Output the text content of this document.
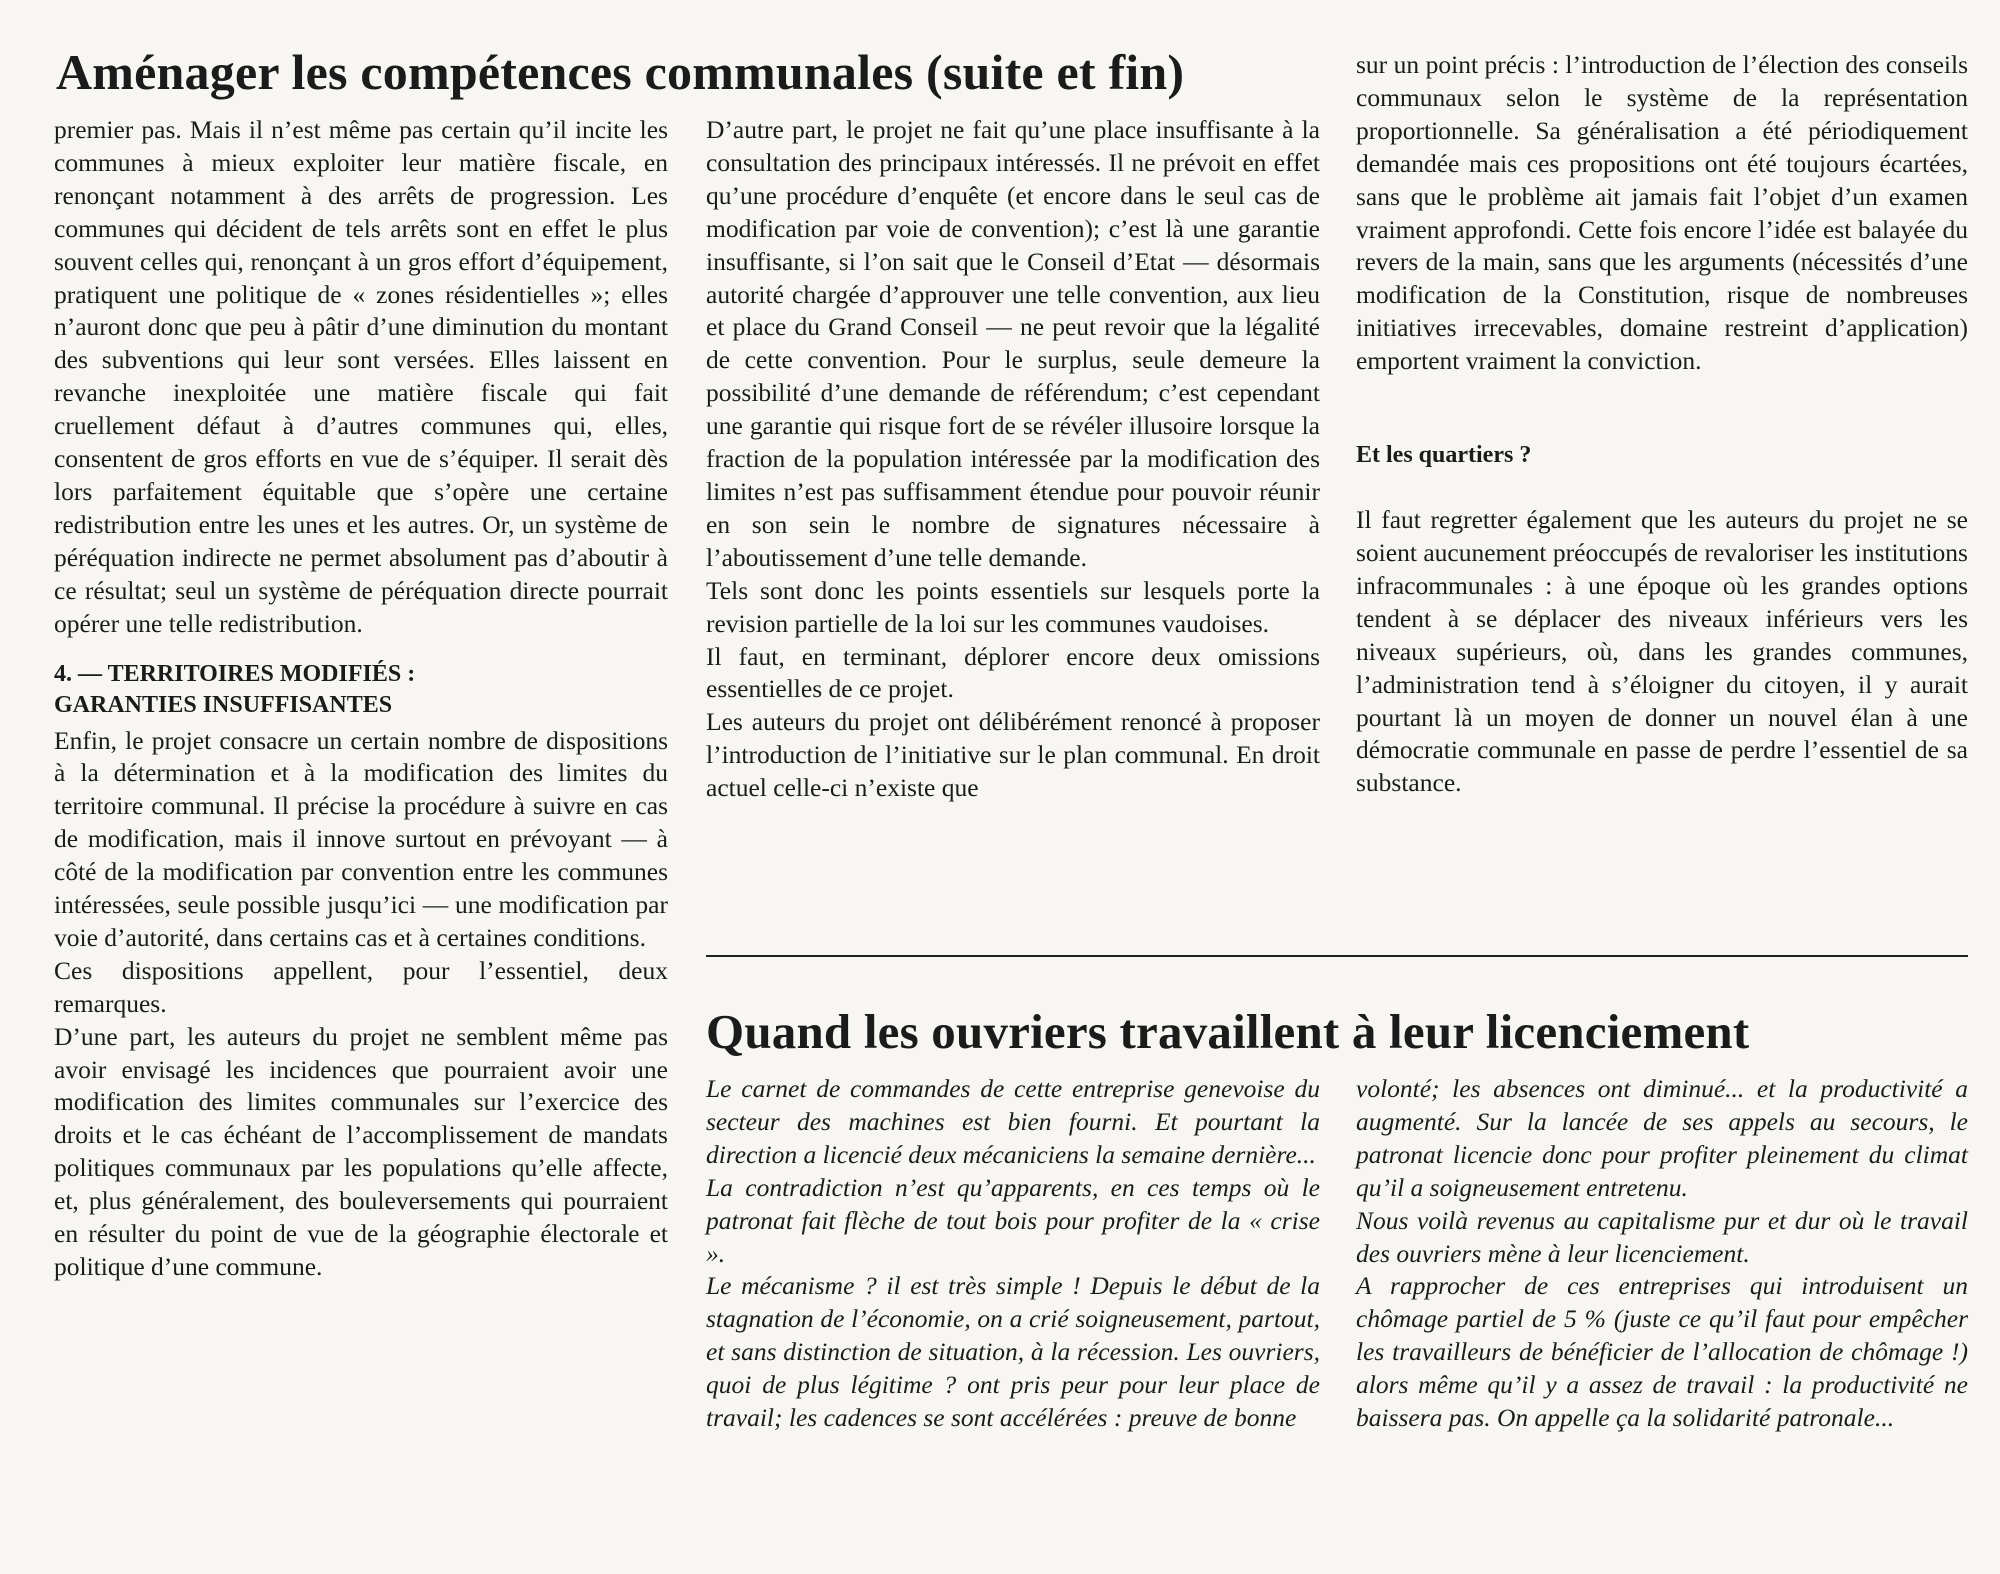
Aménager les compétences communales (suite et fin)

premier pas. Mais il n’est même pas certain qu’il incite les communes à mieux exploiter leur matière fiscale, en renonçant notamment à des arrêts de progression. Les communes qui décident de tels arrêts sont en effet le plus souvent celles qui, renonçant à un gros effort d’équipement, pratiquent une politique de « zones résidentielles »; elles n’auront donc que peu à pâtir d’une diminution du montant des subventions qui leur sont versées. Elles laissent en revanche inexploitée une matière fiscale qui fait cruellement défaut à d’autres communes qui, elles, consentent de gros efforts en vue de s’équiper. Il serait dès lors parfaitement équitable que s’opère une certaine redistribution entre les unes et les autres. Or, un système de péréquation indirecte ne permet absolument pas d’aboutir à ce résultat; seul un système de péréquation directe pourrait opérer une telle redistribution.

4. — TERRITOIRES MODIFIÉS :

GARANTIES INSUFFISANTES

Enfin, le projet consacre un certain nombre de dispositions à la détermination et à la modification des limites du territoire communal. Il précise la procédure à suivre en cas de modification, mais il innove surtout en prévoyant — à côté de la modification par convention entre les communes intéressées, seule possible jusqu’ici — une modification par voie d’autorité, dans certains cas et à certaines conditions.

Ces dispositions appellent, pour l’essentiel, deux remarques.

D’une part, les auteurs du projet ne semblent même pas avoir envisagé les incidences que pourraient avoir une modification des limites communales sur l’exercice des droits et le cas échéant de l’accomplissement de mandats politiques communaux par les populations qu’elle affecte, et, plus généralement, des bouleversements qui pourraient en résulter du point de vue de la géographie électorale et politique d’une commune.

D’autre part, le projet ne fait qu’une place insuffisante à la consultation des principaux intéressés. Il ne prévoit en effet qu’une procédure d’enquête (et encore dans le seul cas de modification par voie de convention); c’est là une garantie insuffisante, si l’on sait que le Conseil d’Etat — désormais autorité chargée d’approuver une telle convention, aux lieu et place du Grand Conseil — ne peut revoir que la légalité de cette convention. Pour le surplus, seule demeure la possibilité d’une demande de référendum; c’est cependant une garantie qui risque fort de se révéler illusoire lorsque la fraction de la population intéressée par la modification des limites n’est pas suffisamment étendue pour pouvoir réunir en son sein le nombre de signatures nécessaire à l’aboutissement d’une telle demande.

Tels sont donc les points essentiels sur lesquels porte la revision partielle de la loi sur les communes vaudoises.

Il faut, en terminant, déplorer encore deux omissions essentielles de ce projet.

Les auteurs du projet ont délibérément renoncé à proposer l’introduction de l’initiative sur le plan communal. En droit actuel celle-ci n’existe que

sur un point précis : l’introduction de l’élection des conseils communaux selon le système de la représentation proportionnelle. Sa généralisation a été périodiquement demandée mais ces propositions ont été toujours écartées, sans que le problème ait jamais fait l’objet d’un examen vraiment approfondi. Cette fois encore l’idée est balayée du revers de la main, sans que les arguments (nécessités d’une modification de la Constitution, risque de nombreuses initiatives irrecevables, domaine restreint d’application) emportent vraiment la conviction.

Et les quartiers ?

Il faut regretter également que les auteurs du projet ne se soient aucunement préoccupés de revaloriser les institutions infracommunales : à une époque où les grandes options tendent à se déplacer des niveaux inférieurs vers les niveaux supérieurs, où, dans les grandes communes, l’administration tend à s’éloigner du citoyen, il y aurait pourtant là un moyen de donner un nouvel élan à une démocratie communale en passe de perdre l’essentiel de sa substance.

Quand les ouvriers travaillent à leur licenciement

Le carnet de commandes de cette entreprise genevoise du secteur des machines est bien fourni. Et pourtant la direction a licencié deux mécaniciens la semaine dernière...

La contradiction n’est qu’apparents, en ces temps où le patronat fait flèche de tout bois pour profiter de la « crise ».

Le mécanisme ? il est très simple ! Depuis le début de la stagnation de l’économie, on a crié soigneusement, partout, et sans distinction de situation, à la récession. Les ouvriers, quoi de plus légitime ? ont pris peur pour leur place de travail; les cadences se sont accélérées : preuve de bonne

volonté; les absences ont diminué... et la productivité a augmenté. Sur la lancée de ses appels au secours, le patronat licencie donc pour profiter pleinement du climat qu’il a soigneusement entretenu.

Nous voilà revenus au capitalisme pur et dur où le travail des ouvriers mène à leur licenciement.

A rapprocher de ces entreprises qui introduisent un chômage partiel de 5 % (juste ce qu’il faut pour empêcher les travailleurs de bénéficier de l’allocation de chômage !) alors même qu’il y a assez de travail : la productivité ne baissera pas. On appelle ça la solidarité patronale...
